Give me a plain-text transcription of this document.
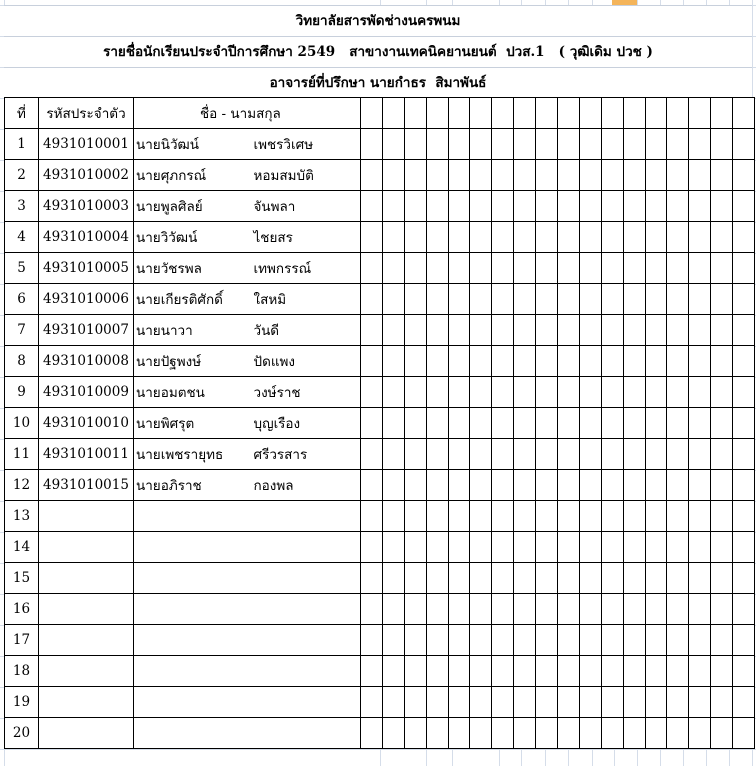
วิทยาลัยสารพัดช่างนครพนม
รายชื่อนักเรียนประจำปีการศึกษา 2549   สาขางานเทคนิคยานยนต์  ปวส.1   ( วุฒิเดิม ปวช )
อาจารย์ที่ปรึกษา นายกำธร  สิมาพันธ์
ที่	รหัสประจำตัว	ชื่อ - นามสกุล																			
1	4931010001	นายนิวัฒน์	เพชรวิเศษ																		
2	4931010002	นายศุภกรณ์	หอมสมบัติ																		
3	4931010003	นายพูลศิลย์	จันพลา																		
4	4931010004	นายวิวัฒน์	ไชยสร																		
5	4931010005	นายวัชรพล	เทพกรรณ์																		
6	4931010006	นายเกียรติศักดิ์	ใสหมิ																		
7	4931010007	นายนาวา	วันดี																		
8	4931010008	นายปัฐพงษ์	ปัดแพง																		
9	4931010009	นายอมตชน	วงษ์ราช																		
10	4931010010	นายพิศรุต	บุญเรือง																		
11	4931010011	นายเพชรายุทธ	ศรีวรสาร																		
12	4931010015	นายอภิราช	กองพล																		
13																					
14																					
15																					
16																					
17																					
18																					
19																					
20																					
